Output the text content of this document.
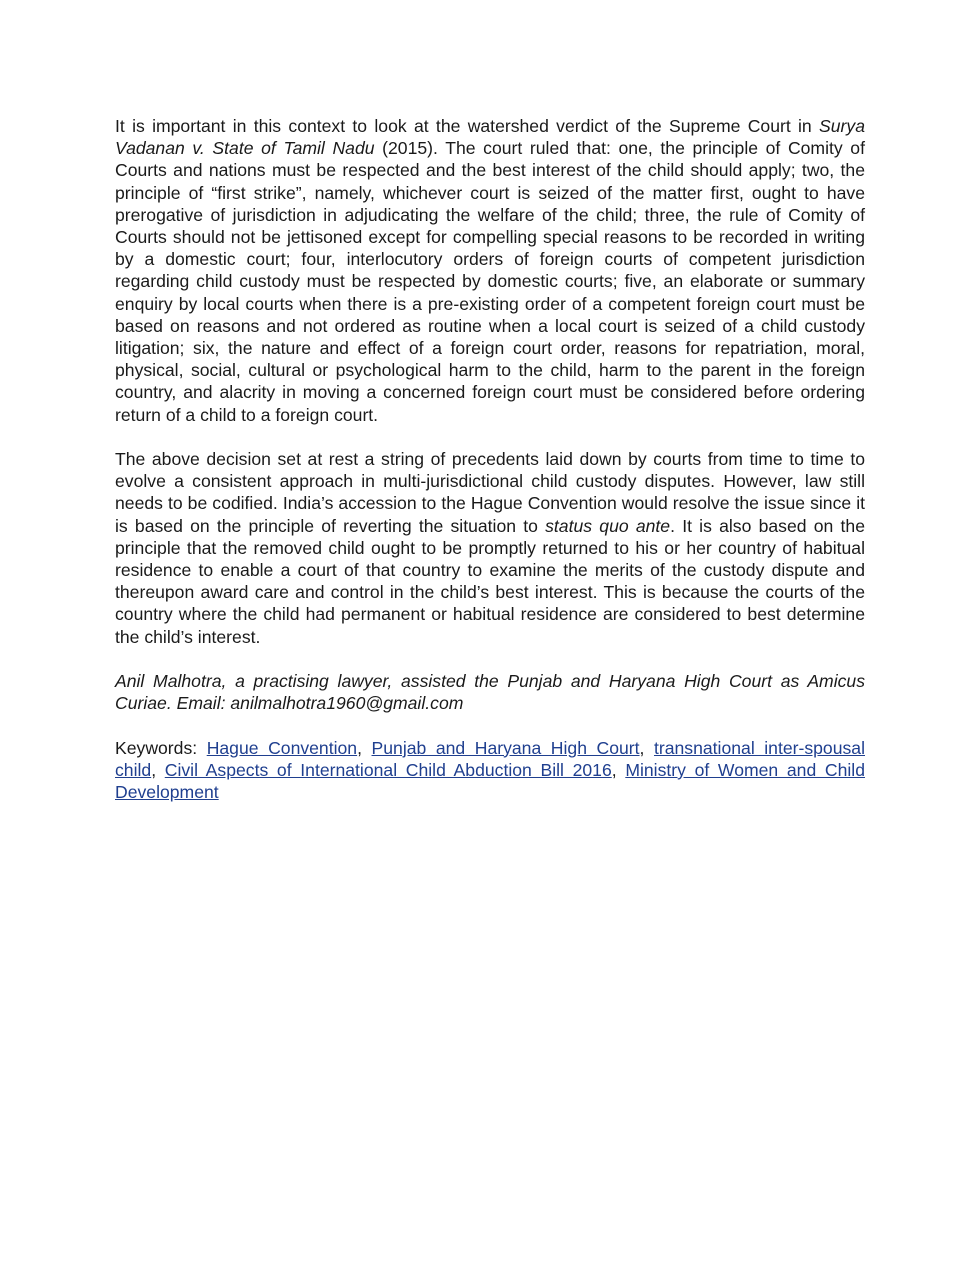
It is important in this context to look at the watershed verdict of the Supreme Court in Surya Vadanan v. State of Tamil Nadu (2015). The court ruled that: one, the principle of Comity of Courts and nations must be respected and the best interest of the child should apply; two, the principle of “first strike”, namely, whichever court is seized of the matter first, ought to have prerogative of jurisdiction in adjudicating the welfare of the child; three, the rule of Comity of Courts should not be jettisoned except for compelling special reasons to be recorded in writing by a domestic court; four, interlocutory orders of foreign courts of competent jurisdiction regarding child custody must be respected by domestic courts; five, an elaborate or summary enquiry by local courts when there is a pre-existing order of a competent foreign court must be based on reasons and not ordered as routine when a local court is seized of a child custody litigation; six, the nature and effect of a foreign court order, reasons for repatriation, moral, physical, social, cultural or psychological harm to the child, harm to the parent in the foreign country, and alacrity in moving a concerned foreign court must be considered before ordering return of a child to a foreign court.

The above decision set at rest a string of precedents laid down by courts from time to time to evolve a consistent approach in multi-jurisdictional child custody disputes. However, law still needs to be codified. India’s accession to the Hague Convention would resolve the issue since it is based on the principle of reverting the situation to status quo ante. It is also based on the principle that the removed child ought to be promptly returned to his or her country of habitual residence to enable a court of that country to examine the merits of the custody dispute and thereupon award care and control in the child’s best interest. This is because the courts of the country where the child had permanent or habitual residence are considered to best determine the child’s interest.

Anil Malhotra, a practising lawyer, assisted the Punjab and Haryana High Court as Amicus Curiae. Email: anilmalhotra1960@gmail.com

Keywords: Hague Convention, Punjab and Haryana High Court, transnational inter-spousal child, Civil Aspects of International Child Abduction Bill 2016, Ministry of Women and Child Development
